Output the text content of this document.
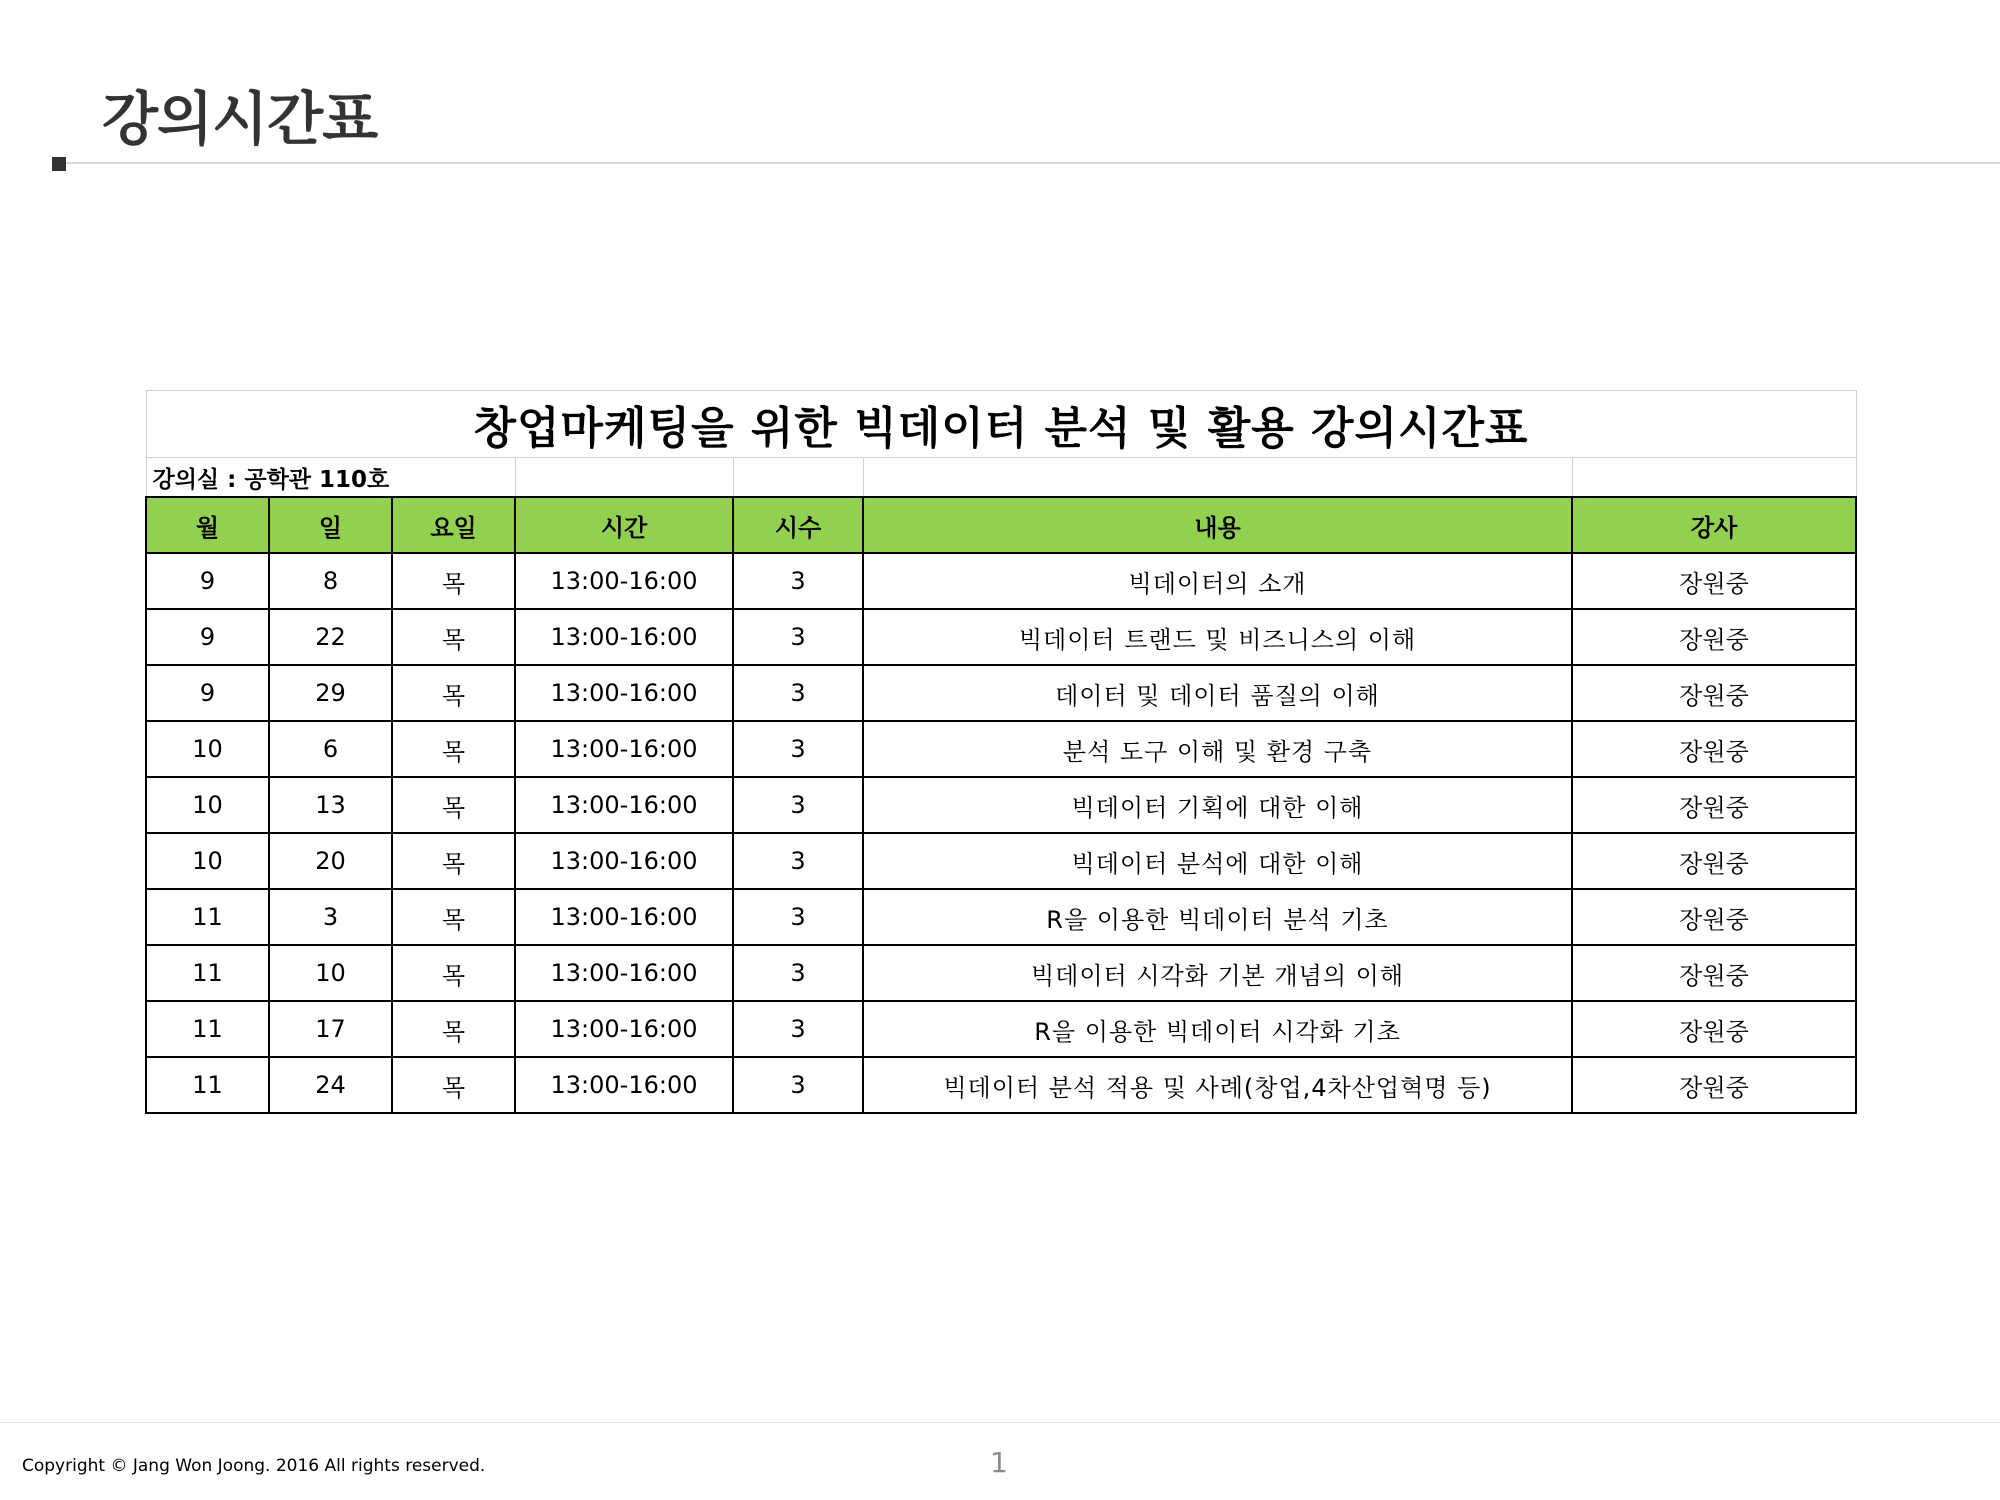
강의시간표
창업마케팅을 위한 빅데이터 분석 및 활용 강의시간표						
강의실 : 공학관 110호						
월	일	요일	시간	시수	내용	강사
9	8	목	13:00-16:00	3	빅데이터의 소개	장원중
9	22	목	13:00-16:00	3	빅데이터 트랜드 및 비즈니스의 이해	장원중
9	29	목	13:00-16:00	3	데이터 및 데이터 품질의 이해	장원중
10	6	목	13:00-16:00	3	분석 도구 이해 및 환경 구축	장원중
10	13	목	13:00-16:00	3	빅데이터 기획에 대한 이해	장원중
10	20	목	13:00-16:00	3	빅데이터 분석에 대한 이해	장원중
11	3	목	13:00-16:00	3	R을 이용한 빅데이터 분석 기초	장원중
11	10	목	13:00-16:00	3	빅데이터 시각화 기본 개념의 이해	장원중
11	17	목	13:00-16:00	3	R을 이용한 빅데이터 시각화 기초	장원중
11	24	목	13:00-16:00	3	빅데이터 분석 적용 및 사례(창업,4차산업혁명 등)	장원중
Copyright © Jang Won Joong. 2016 All rights reserved.	1
